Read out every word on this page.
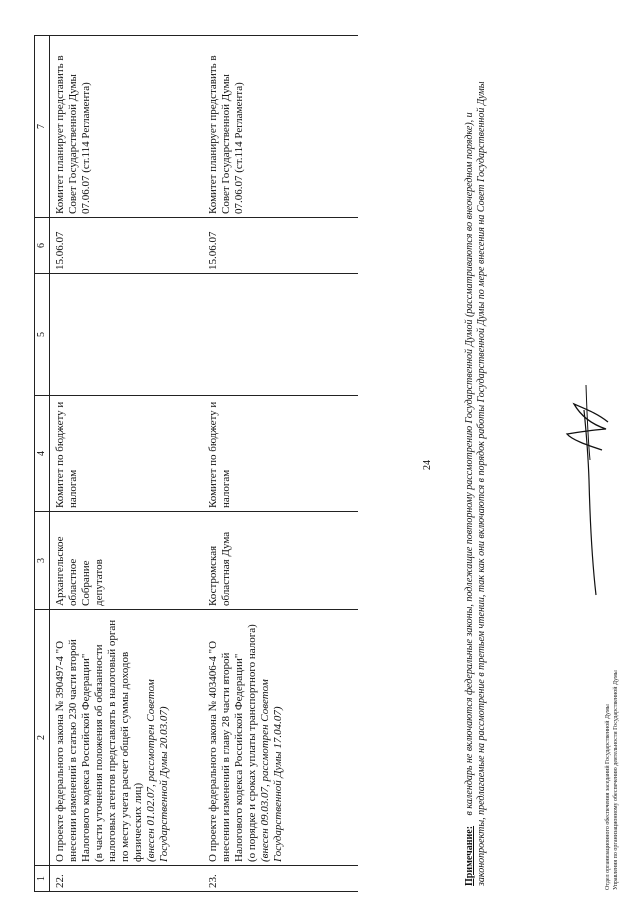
24
1	2	3	4	5	6	7
22.	О проекте федерального закона № 390497-4 "О внесении изменений в статью 230 части второй Налогового кодекса Российской Федерации" (в части уточнения положения об обязанности налоговых агентов представлять в налоговый орган по месту учета расчет общей суммы доходов физических лиц) (внесен 01.02.07, рассмотрен Советом Государственной Думы 20.03.07)	Архангельское областное Собрание депутатов	Комитет по бюджету и налогам		15.06.07	Комитет планирует представить в Совет Государственной Думы 07.06.07 (ст.114 Регламента)
23.	О проекте федерального закона № 403406-4 "О внесении изменений в главу 28 части второй Налогового кодекса Российской Федерации" (о порядке и сроках уплаты транспортного налога) (внесен 09.03.07, рассмотрен Советом Государственной Думы 17.04.07)	Костромская областная Дума	Комитет по бюджету и налогам		15.06.07	Комитет планирует представить в Совет Государственной Думы 07.06.07 (ст.114 Регламента)
Примечание: в календарь не включаются федеральные законы, подлежащие повторному рассмотрению Государственной Думой (рассматриваются во внеочередном порядке), и законопроекты, предлагаемые на рассмотрение в третьем чтении, так как они включаются в порядок работы Государственной Думы по мере внесения на Совет Государственной Думы	Отдел организационного обеспечения заседаний Государственной Думы Управления по организационному обеспечению деятельности Государственной Думы
